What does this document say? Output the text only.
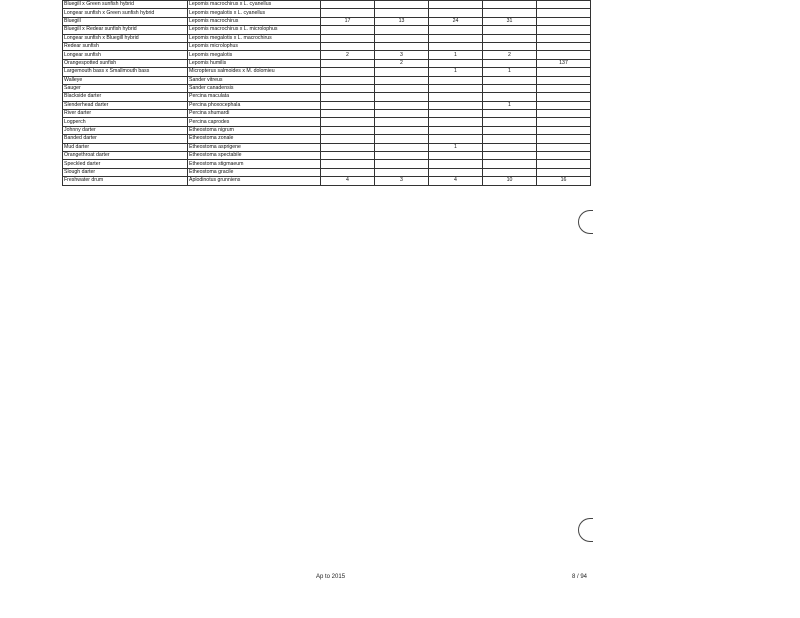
Bluegill x Green sunfish hybrid	Lepomis macrochirus x L. cyanellus					
Longear sunfish x Green sunfish hybrid	Lepomis megalotis x L. cyanellus					
Bluegill	Lepomis macrochirus	17	13	24	31	
Bluegill x Redear sunfish hybrid	Lepomis macrochirus x L. microlophus					
Longear sunfish x Bluegill hybrid	Lepomis megalotis x L. macrochirus					
Redear sunfish	Lepomis microlophus					
Longear sunfish	Lepomis megalotis	2	3	1	2	
Orangespotted sunfish	Lepomis humilis		2			137
Largemouth bass x Smallmouth bass	Micropterus salmoides x M. dolomieu			1	1	
Walleye	Sander vitreus					
Sauger	Sander canadensis					
Blackside darter	Percina maculata					
Slenderhead darter	Percina phoxocephala				1	
River darter	Percina shumardi					
Logperch	Percina caprodes					
Johnny darter	Etheostoma nigrum					
Banded darter	Etheostoma zonale					
Mud darter	Etheostoma asprigene			1		
Orangethroat darter	Etheostoma spectabile					
Speckled darter	Etheostoma stigmaeum					
Slough darter	Etheostoma gracile					
Freshwater drum	Aplodinotus grunniens	4	3	4	10	16
Ap to 2015	8 / 94
